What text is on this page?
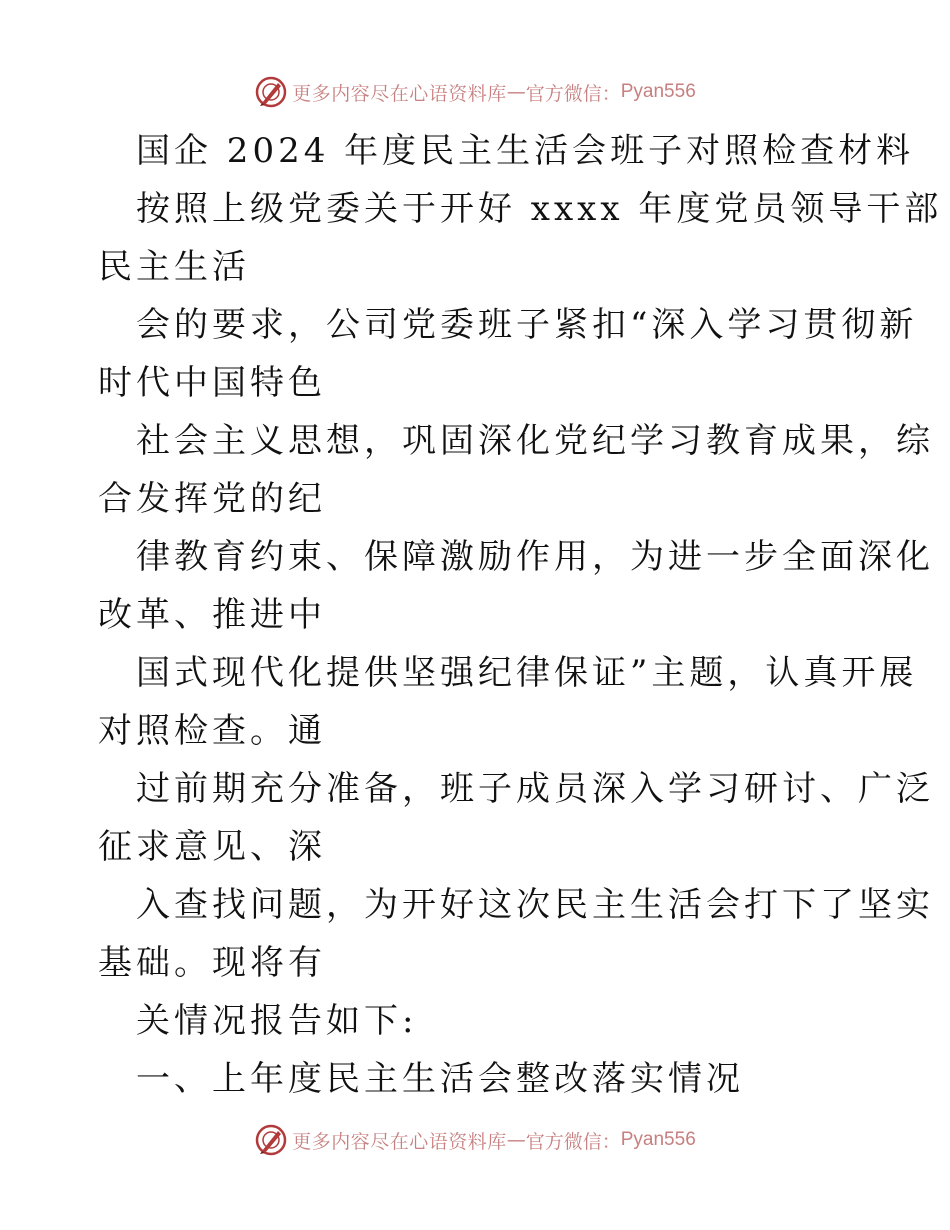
更多内容尽在心语资料库 — 官方微信： Pyan556
国企 2024 年度民主生活会班子对照检查材料
按照上级党委关于开好 xxxx 年度党员领导干部
民主生活
会的要求，公司党委班子紧扣“深入学习贯彻新
时代中国特色
社会主义思想，巩固深化党纪学习教育成果，综
合发挥党的纪
律教育约束、保障激励作用，为进一步全面深化
改革、推进中
国式现代化提供坚强纪律保证”主题，认真开展
对照检查。通
过前期充分准备，班子成员深入学习研讨、广泛
征求意见、深
入查找问题，为开好这次民主生活会打下了坚实
基础。现将有
关情况报告如下:
一、上年度民主生活会整改落实情况
更多内容尽在心语资料库 — 官方微信： Pyan556
